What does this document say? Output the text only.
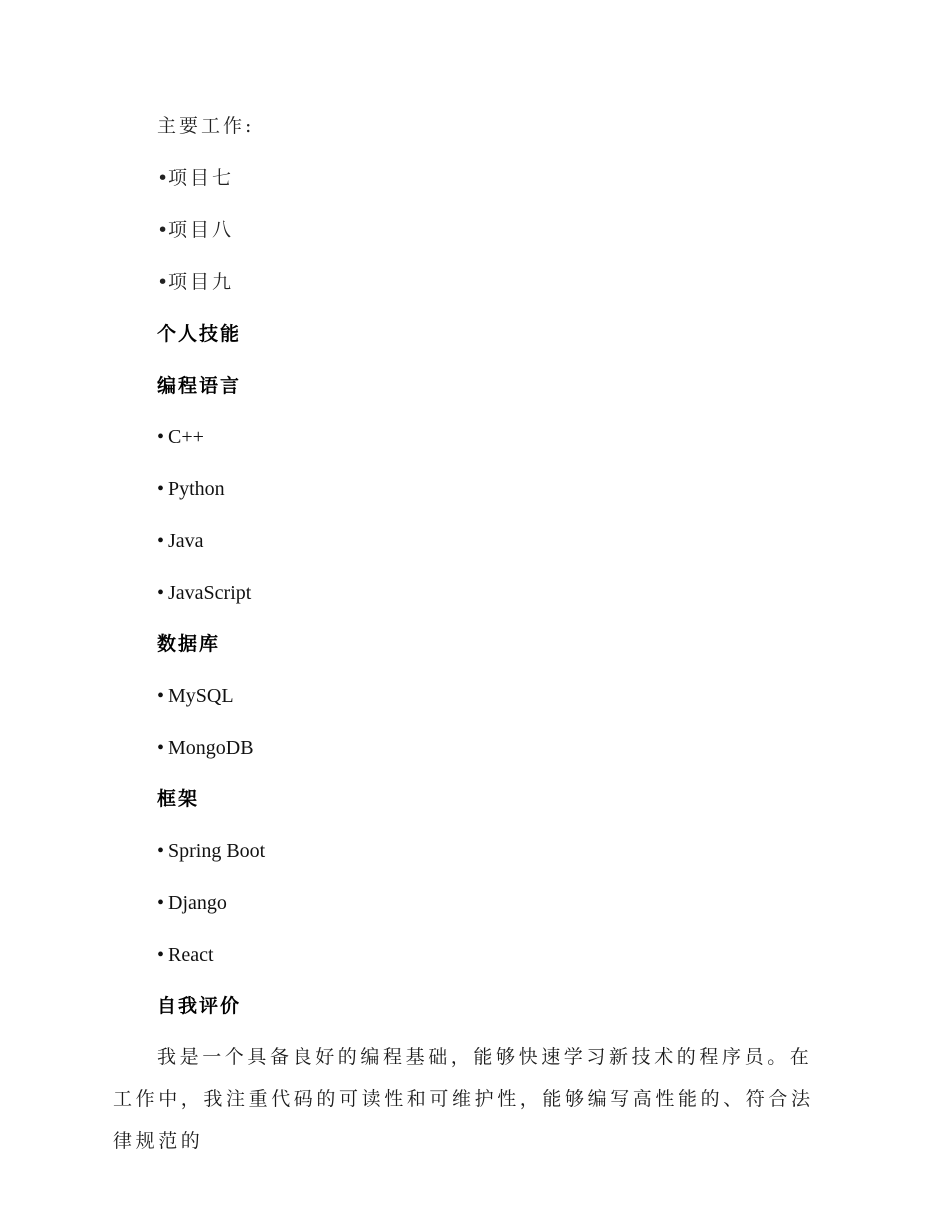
主要工作:
•项目七
•项目八
•项目九
个人技能
编程语言
• C++
• Python
• Java
• JavaScript
数据库
• MySQL
• MongoDB
框架
• Spring Boot
• Django
• React
自我评价
我是一个具备良好的编程基础，能够快速学习新技术的程序员。在工作中，我注重代码的可读性和可维护性，能够编写高性能的、符合法律规范的
